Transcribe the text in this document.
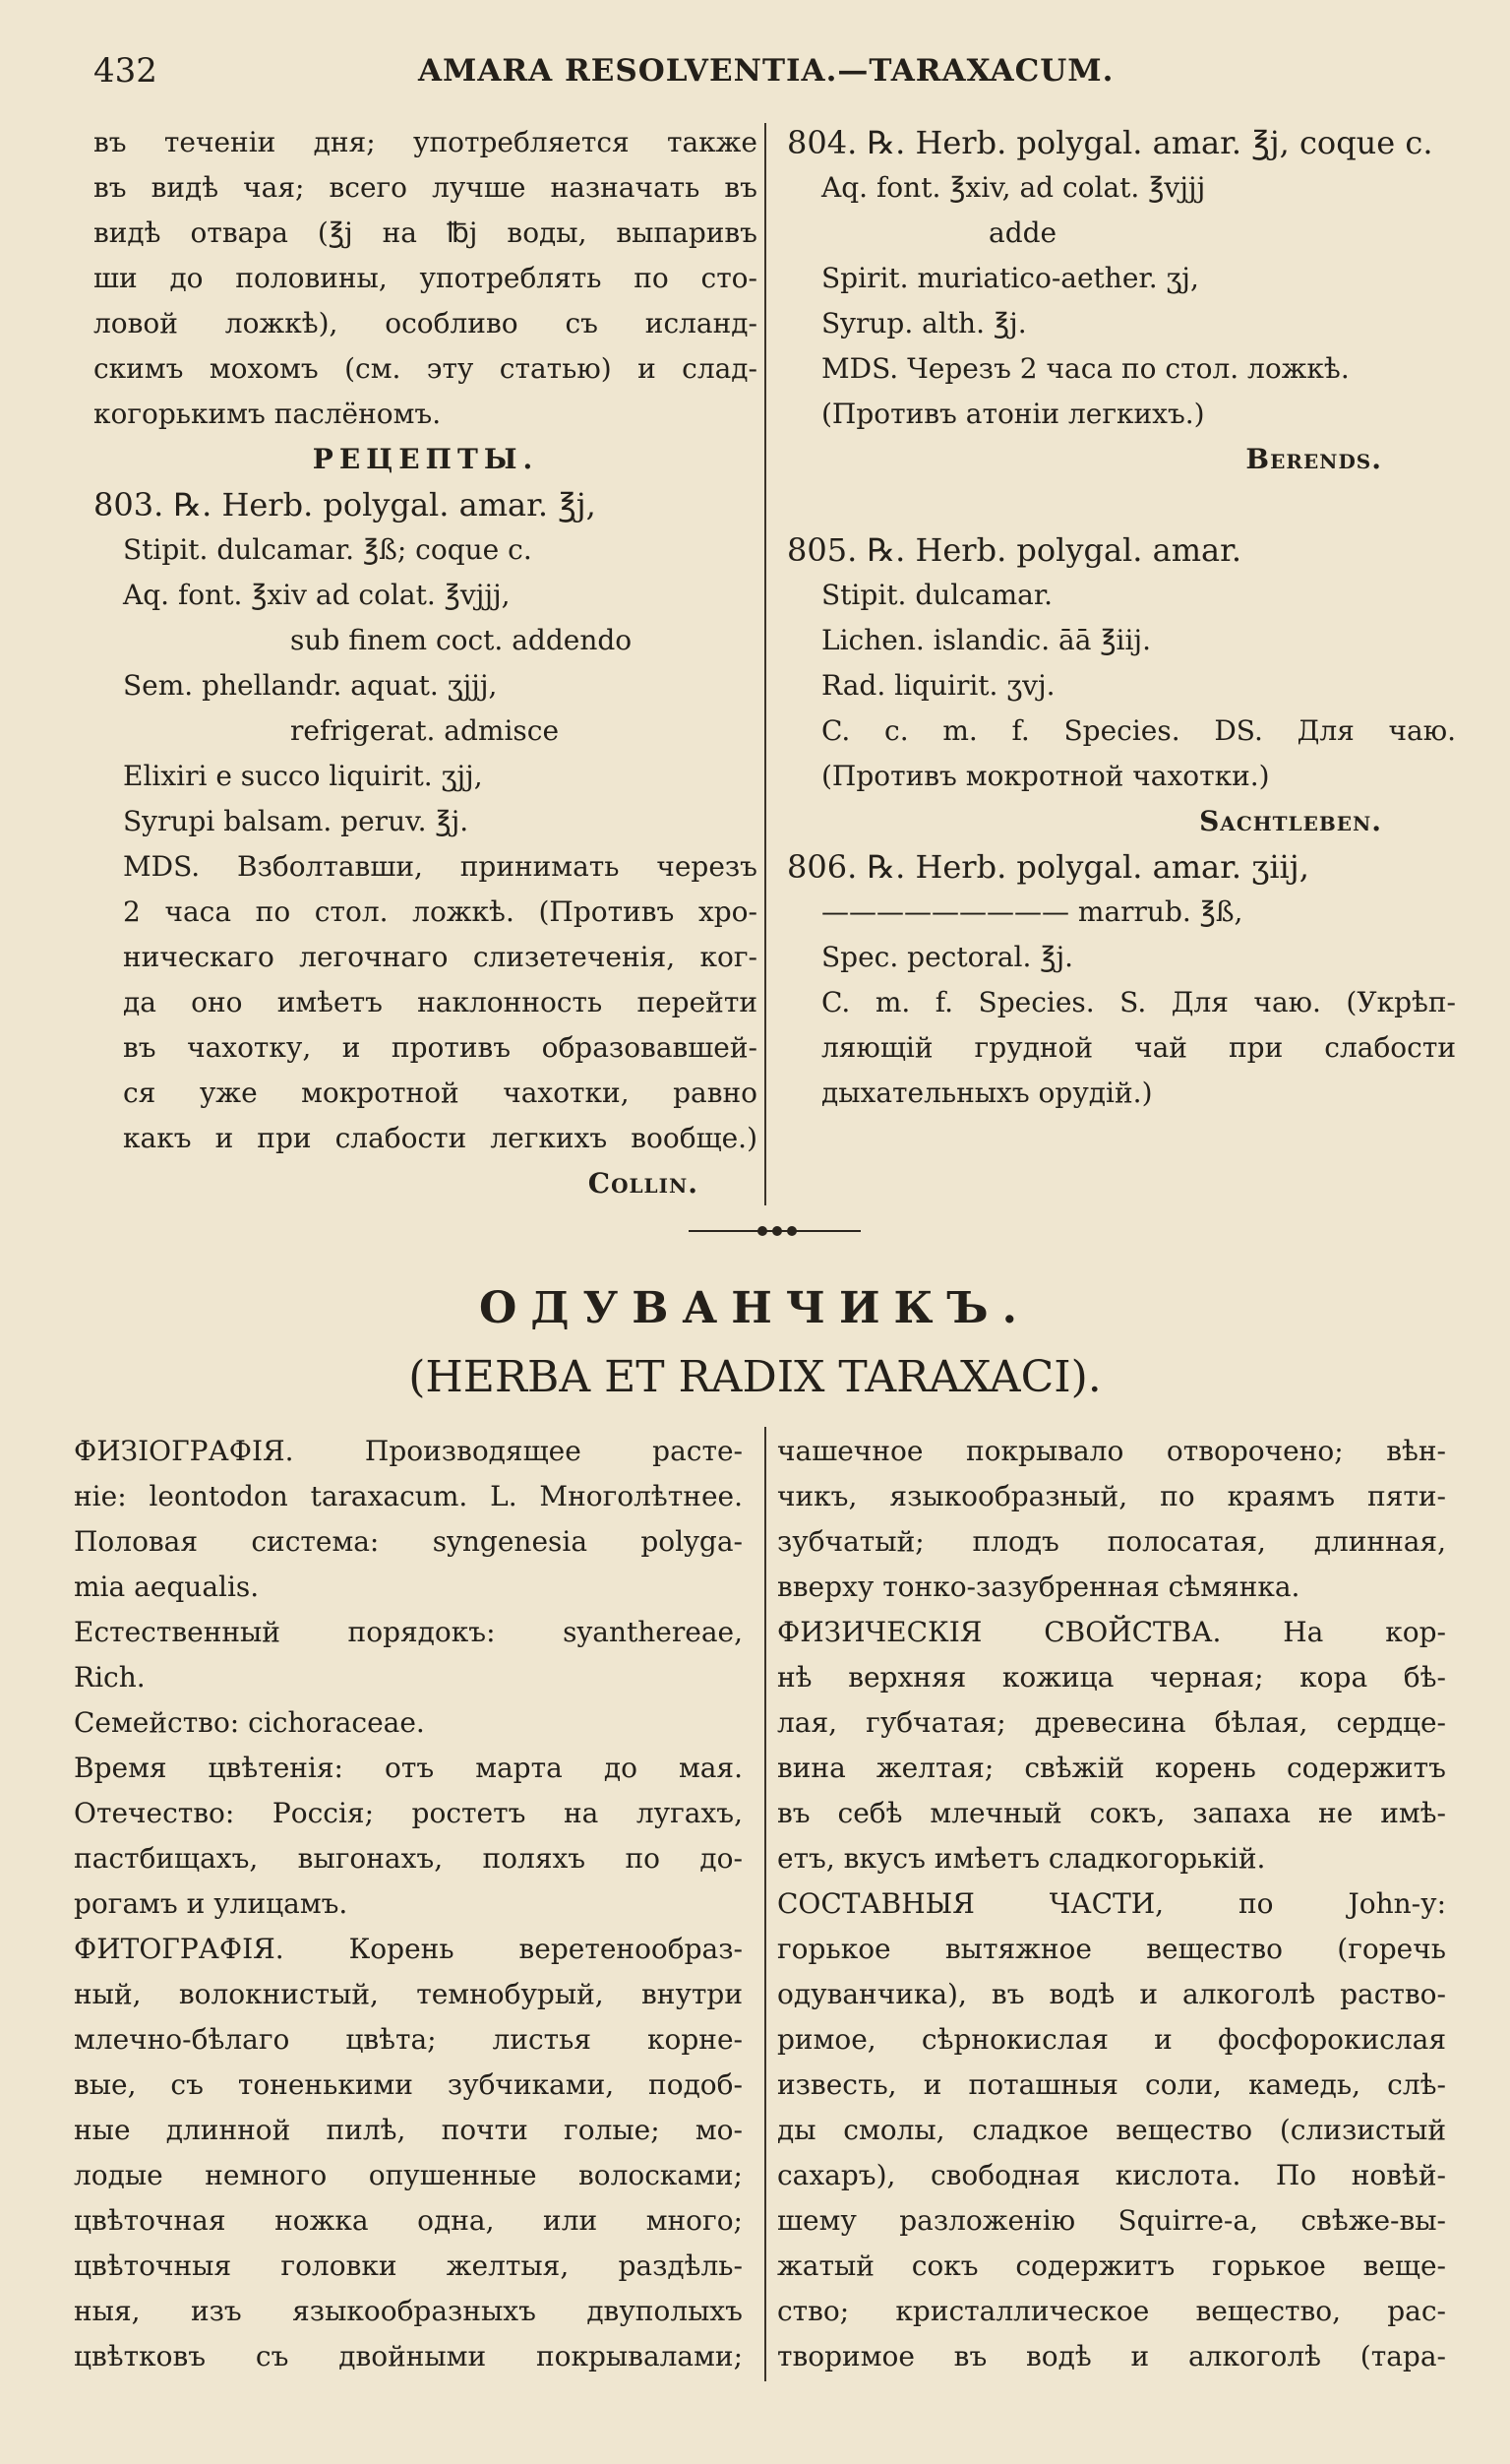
432	AMARA RESOLVENTIA.—TARAXACUM.
въ теченіи дня; употребляется также
въ видѣ чая; всего лучше назначать въ
видѣ отвара (℥j на ℔j воды, выпаривъ
ши до половины, употреблять по сто-
ловой ложкѣ), особливо съ исланд-
скимъ мохомъ (см. эту статью) и слад-
когорькимъ паслёномъ.
РЕЦЕПТЫ.
803. ℞. Herb. polygal. amar. ℥j,
Stipit. dulcamar. ℥ß; coque c.
Aq. font. ℥xiv ad colat. ℥vjjj,
sub finem coct. addendo
Sem. phellandr. aquat. ʒjjj,
refrigerat. admisce
Elixiri e succo liquirit. ʒjj,
Syrupi balsam. peruv. ℥j.
MDS. Взболтавши, принимать черезъ
2 часа по стол. ложкѣ. (Противъ хро-
ническаго легочнаго слизетеченія, ког-
да оно имѣетъ наклонность перейти
въ чахотку, и противъ образовавшей-
ся уже мокротной чахотки, равно
какъ и при слабости легкихъ вообще.)
Collin.
804. ℞. Herb. polygal. amar. ℥j, coque c.
Aq. font. ℥xiv, ad colat. ℥vjjj
adde
Spirit. muriatico-aether. ʒj,
Syrup. alth. ℥j.
MDS. Черезъ 2 часа по стол. ложкѣ.
(Противъ атоніи легкихъ.)
Berends.
805. ℞. Herb. polygal. amar.
Stipit. dulcamar.
Lichen. islandic. āā ℥iij.
Rad. liquirit. ʒvj.
C. c. m. f. Species. DS. Для чаю.
(Противъ мокротной чахотки.)
Sachtleben.
806. ℞. Herb. polygal. amar. ʒiij,
————————— marrub. ℥ß,
Spec. pectoral. ℥j.
C. m. f. Species. S. Для чаю. (Укрѣп-
ляющій грудной чай при слабости
дыхательныхъ орудій.)
ОДУВАНЧИКЪ.
(HERBA ET RADIX TARAXACI).
ФИЗІОГРАФІЯ. Производящее расте-
ніе: leontodon taraxacum. L. Многолѣтнее.
Половая система: syngenesia polyga-
mia aequalis.
Естественный порядокъ: syanthereae,
Rich.
Семейство: cichoraceae.
Время цвѣтенія: отъ марта до мая.
Отечество: Россія; ростетъ на лугахъ,
пастбищахъ, выгонахъ, поляхъ по до-
рогамъ и улицамъ.
ФИТОГРАФІЯ. Корень веретенообраз-
ный, волокнистый, темнобурый, внутри
млечно-бѣлаго цвѣта; листья корне-
вые, съ тоненькими зубчиками, подоб-
ные длинной пилѣ, почти голые; мо-
лодые немного опушенные волосками;
цвѣточная ножка одна, или много;
цвѣточныя головки желтыя, раздѣль-
ныя, изъ языкообразныхъ двуполыхъ
цвѣтковъ съ двойными покрывалами;
чашечное покрывало отворочено; вѣн-
чикъ, языкообразный, по краямъ пяти-
зубчатый; плодъ полосатая, длинная,
вверху тонко-зазубренная сѣмянка.
ФИЗИЧЕСКІЯ СВОЙСТВА. На кор-
нѣ верхняя кожица черная; кора бѣ-
лая, губчатая; древесина бѣлая, сердце-
вина желтая; свѣжій корень содержитъ
въ себѣ млечный сокъ, запаха не имѣ-
етъ, вкусъ имѣетъ сладкогорькій.
СОСТАВНЫЯ ЧАСТИ, по John-у:
горькое вытяжное вещество (горечь
одуванчика), въ водѣ и алкоголѣ раство-
римое, сѣрнокислая и фосфорокислая
известь, и поташныя соли, камедь, слѣ-
ды смолы, сладкое вещество (слизистый
сахаръ), свободная кислота. По новѣй-
шему разложенію Squirre-а, свѣже-вы-
жатый сокъ содержитъ горькое веще-
ство; кристаллическое вещество, рас-
творимое въ водѣ и алкоголѣ (тара-
